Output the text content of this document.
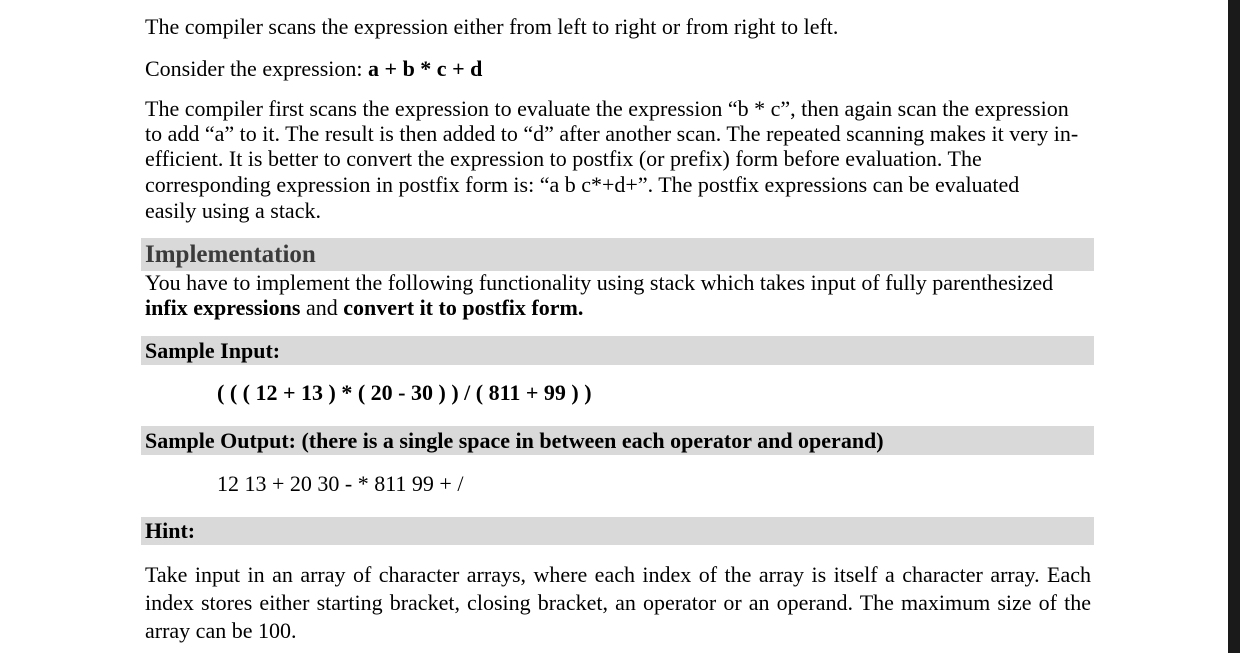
The compiler scans the expression either from left to right or from right to left.
Consider the expression: a + b * c + d
The compiler first scans the expression to evaluate the expression “b * c”, then again scan the expression
to add “a” to it. The result is then added to “d” after another scan. The repeated scanning makes it very in-
efficient. It is better to convert the expression to postfix (or prefix) form before evaluation. The
corresponding expression in postfix form is: “a b c*+d+”. The postfix expressions can be evaluated
easily using a stack.
Implementation
You have to implement the following functionality using stack which takes input of fully parenthesized
infix expressions and convert it to postfix form.
Sample Input:
( ( ( 12 + 13 ) * ( 20 - 30 ) ) / ( 811 + 99 ) )
Sample Output: (there is a single space in between each operator and operand)
12 13 + 20 30 - * 811 99 + /
Hint:
Take input in an array of character arrays, where each index of the array is itself a character array. Each index stores either starting bracket, closing bracket, an operator or an operand. The maximum size of the array can be 100.
